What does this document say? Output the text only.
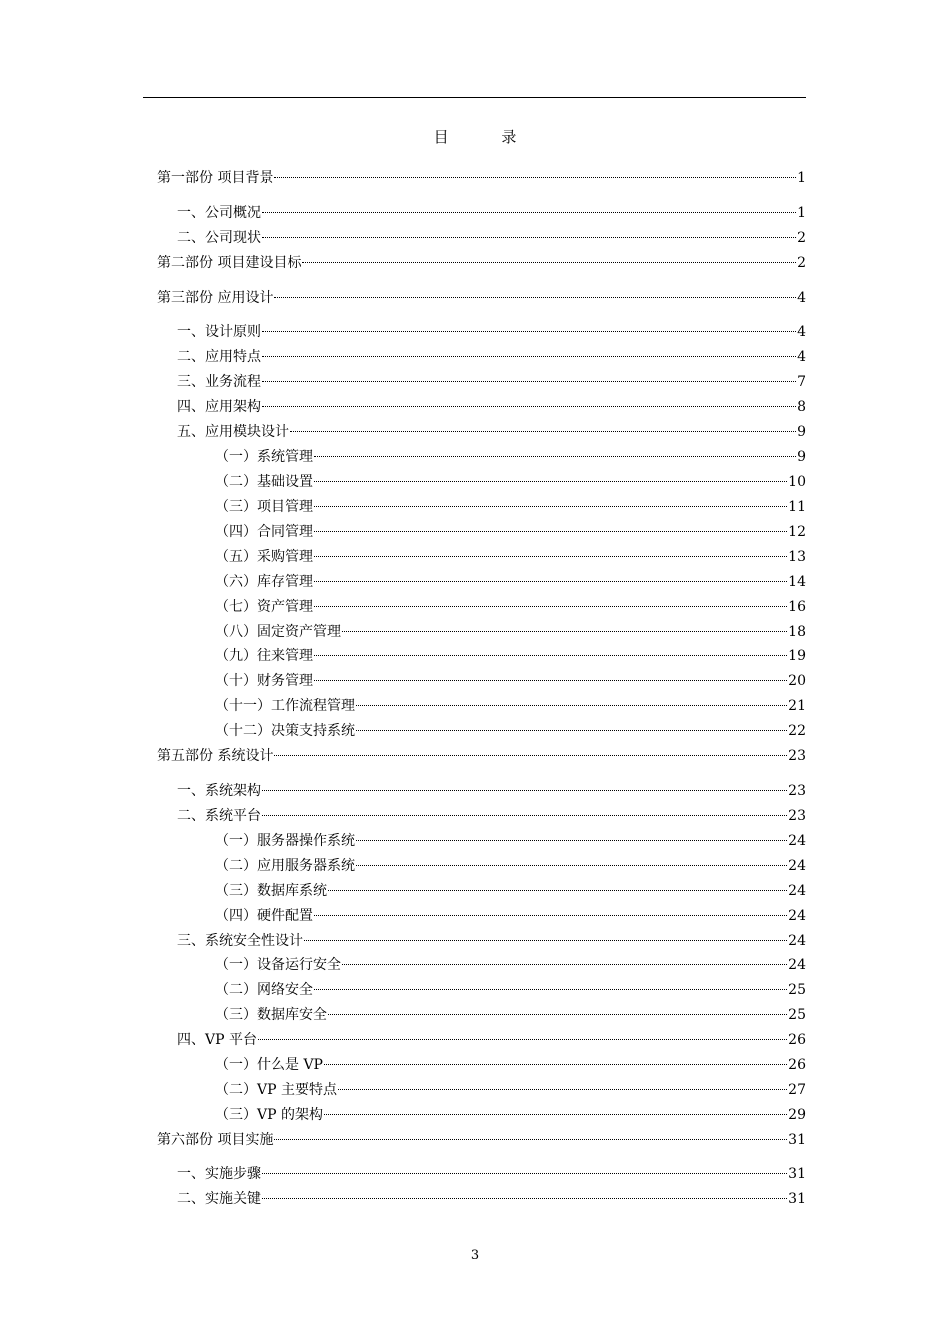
目 录
第一部份 项目背景	1
一、公司概况	1
二、公司现状	2
第二部份 项目建设目标	2
第三部份 应用设计	4
一、设计原则	4
二、应用特点	4
三、业务流程	7
四、应用架构	8
五、应用模块设计	9
（一）系统管理	9
（二）基础设置	10
（三）项目管理	11
（四）合同管理	12
（五）采购管理	13
（六）库存管理	14
（七）资产管理	16
（八）固定资产管理	18
（九）往来管理	19
（十）财务管理	20
（十一）工作流程管理	21
（十二）决策支持系统	22
第五部份 系统设计	23
一、系统架构	23
二、系统平台	23
（一）服务器操作系统	24
（二）应用服务器系统	24
（三）数据库系统	24
（四）硬件配置	24
三、系统安全性设计	24
（一）设备运行安全	24
（二）网络安全	25
（三）数据库安全	25
四、VP 平台	26
（一）什么是 VP	26
（二）VP 主要特点	27
（三）VP 的架构	29
第六部份 项目实施	31
一、实施步骤	31
二、实施关键	31
3
